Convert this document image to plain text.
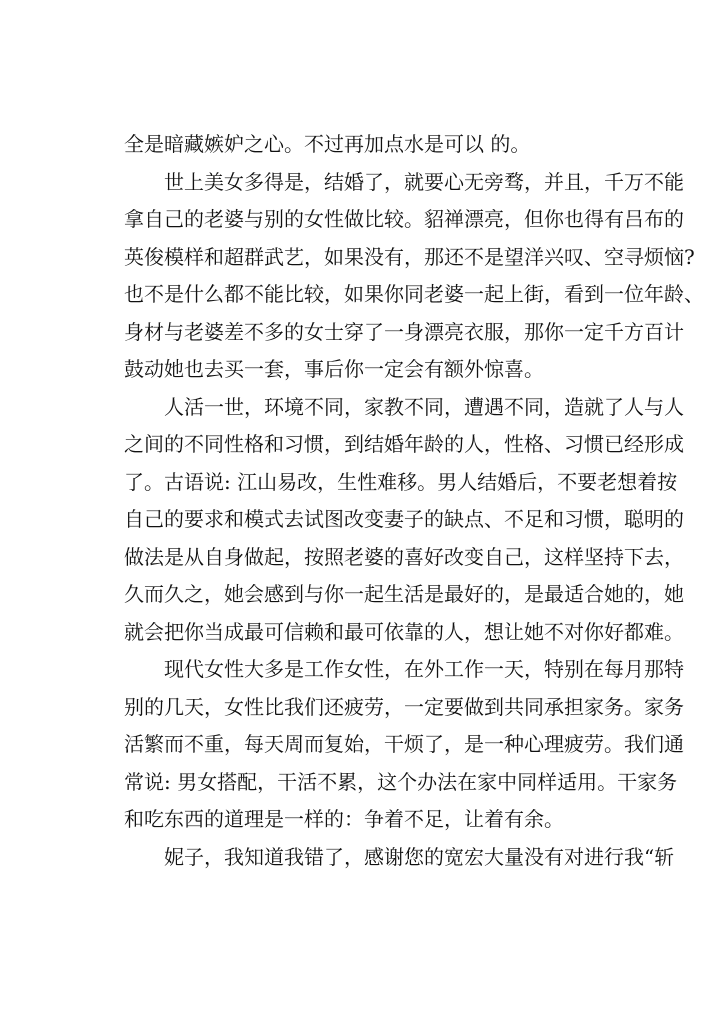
全是暗藏嫉妒之心。不过再加点水是可以 的。
世上美女多得是，结婚了，就要心无旁骛，并且，千万不能
拿自己的老婆与别的女性做比较。貂禅漂亮，但你也得有吕布的
英俊模样和超群武艺，如果没有，那还不是望洋兴叹、空寻烦恼?
也不是什么都不能比较，如果你同老婆一起上街，看到一位年龄、
身材与老婆差不多的女士穿了一身漂亮衣服，那你一定千方百计
鼓动她也去买一套，事后你一定会有额外惊喜。
人活一世，环境不同，家教不同，遭遇不同，造就了人与人
之间的不同性格和习惯，到结婚年龄的人，性格、习惯已经形成
了。古语说: 江山易改，生性难移。男人结婚后，不要老想着按
自己的要求和模式去试图改变妻子的缺点、不足和习惯，聪明的
做法是从自身做起，按照老婆的喜好改变自己，这样坚持下去，
久而久之，她会感到与你一起生活是最好的，是最适合她的，她
就会把你当成最可信赖和最可依靠的人，想让她不对你好都难。
现代女性大多是工作女性，在外工作一天，特别在每月那特
别的几天，女性比我们还疲劳，一定要做到共同承担家务。家务
活繁而不重，每天周而复始，干烦了，是一种心理疲劳。我们通
常说: 男女搭配，干活不累，这个办法在家中同样适用。干家务
和吃东西的道理是一样的：争着不足，让着有余。
妮子，我知道我错了，感谢您的宽宏大量没有对进行我“斩
